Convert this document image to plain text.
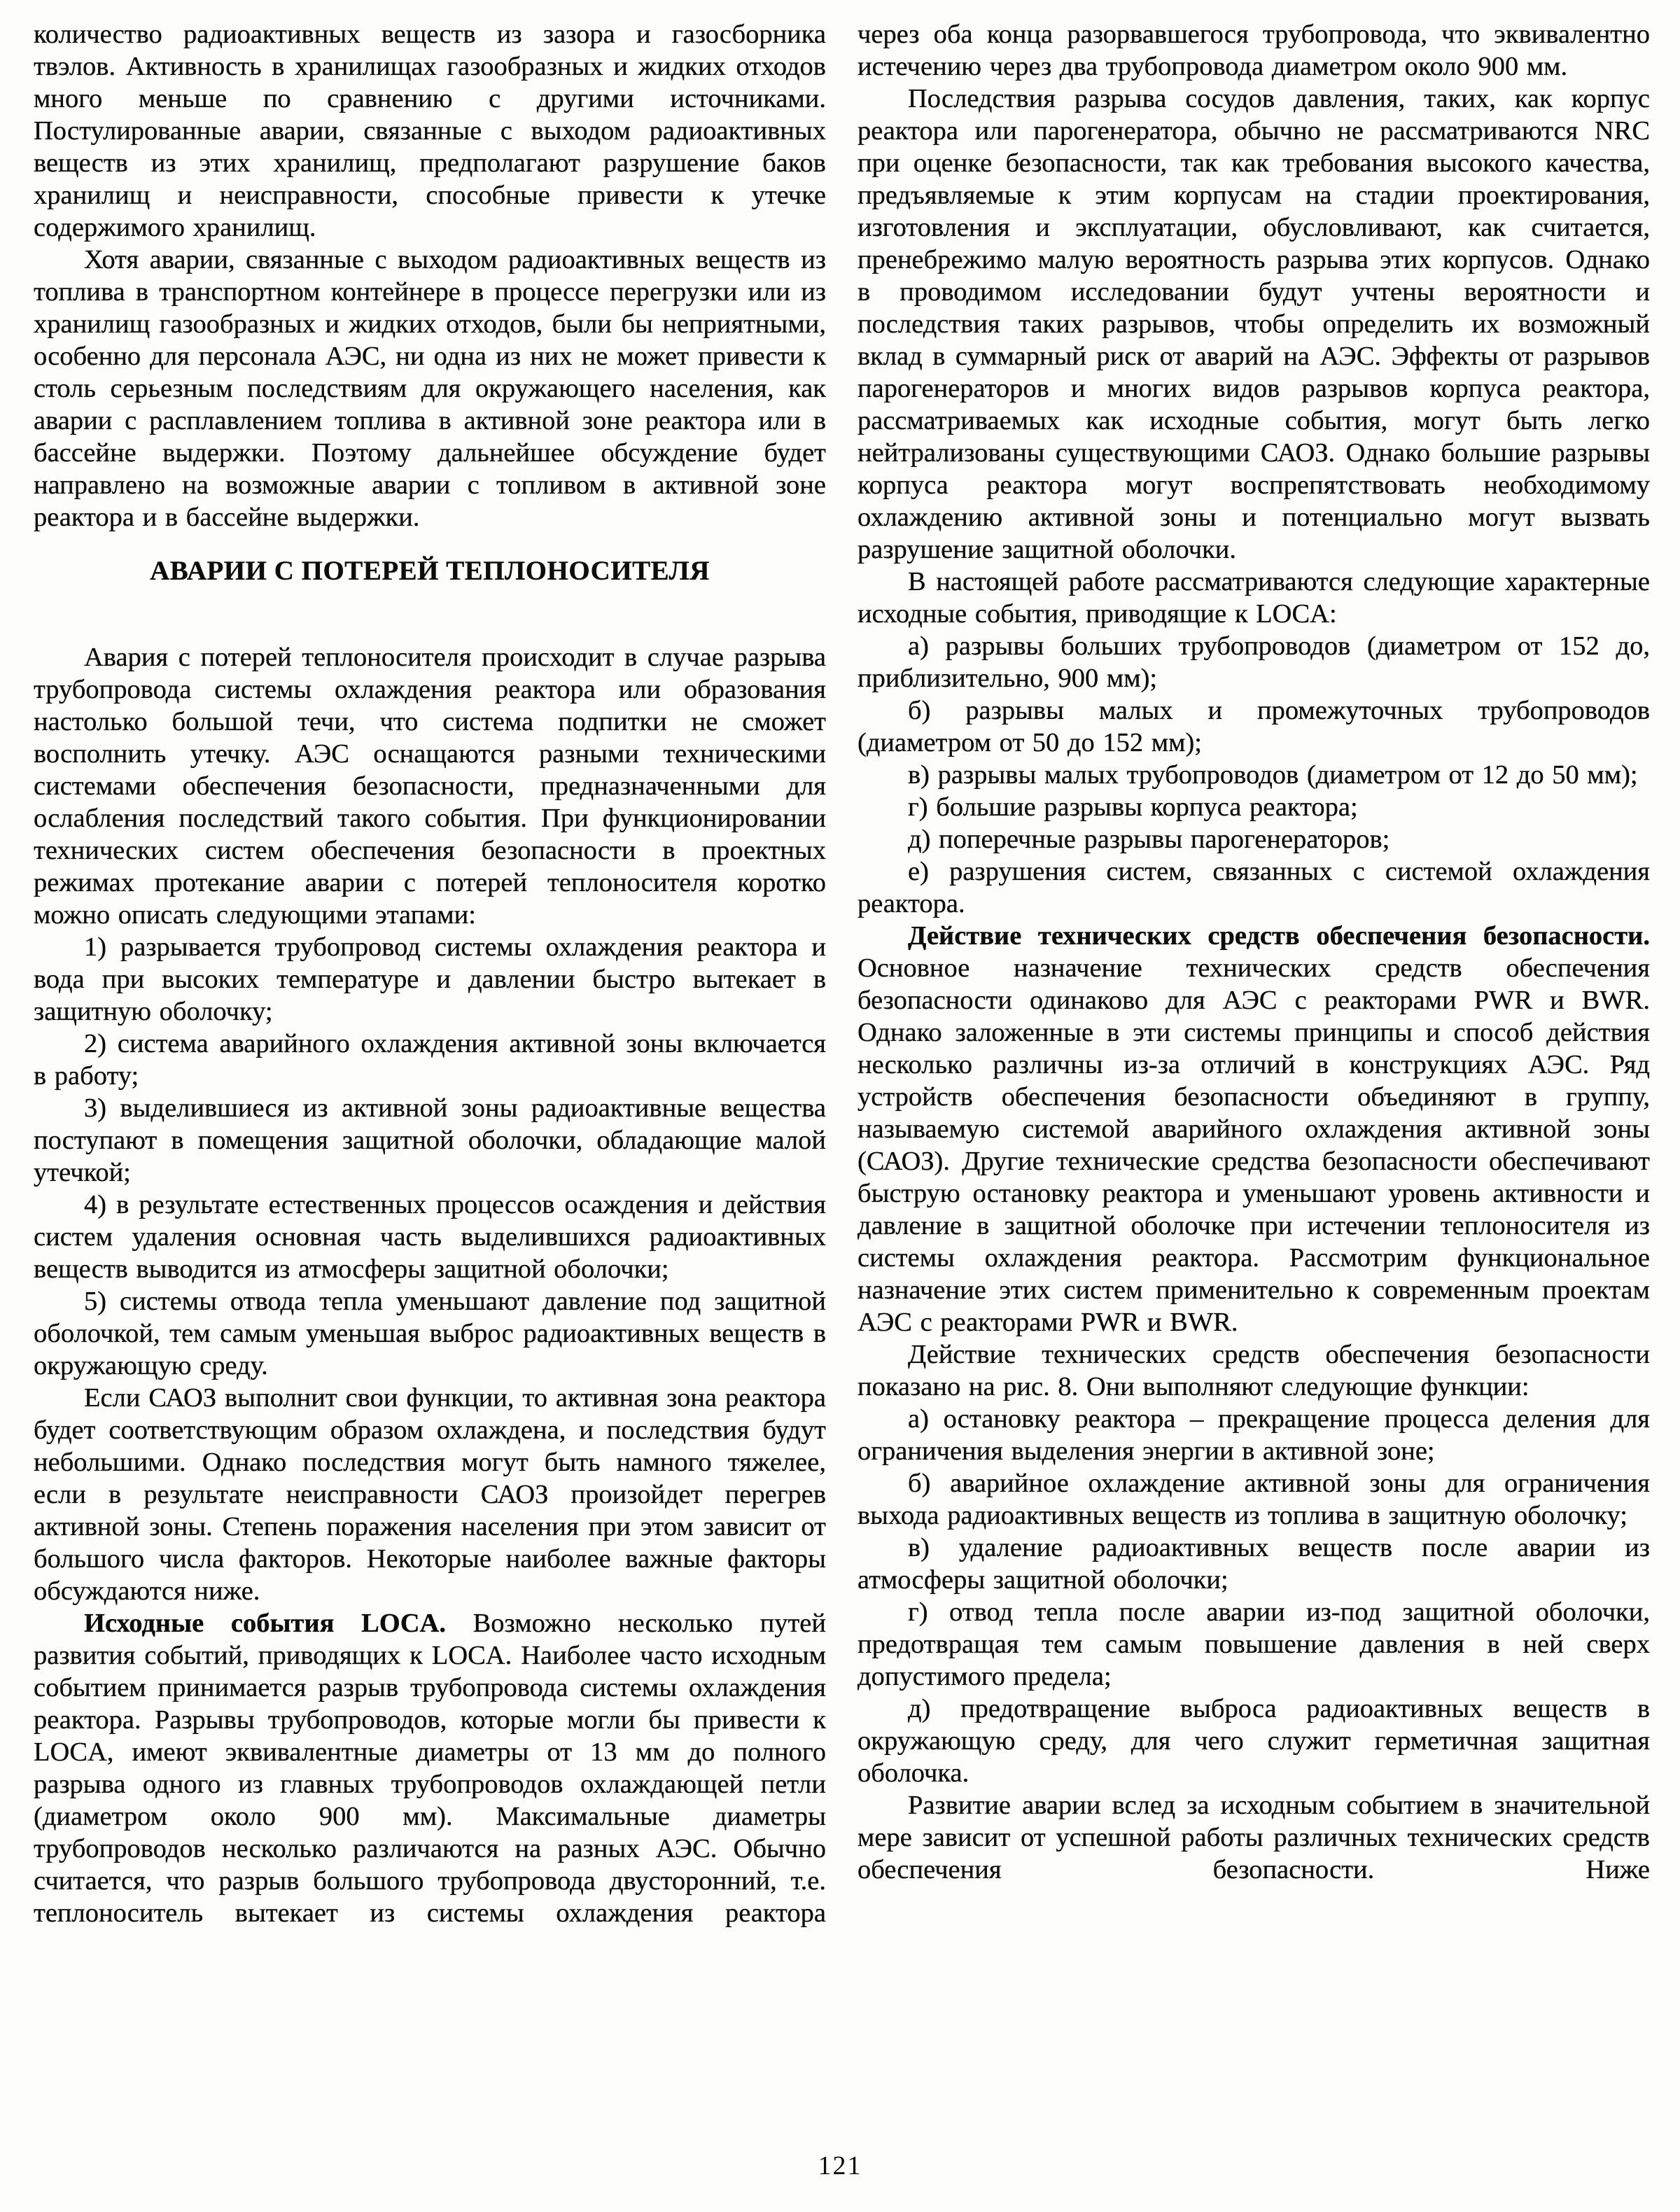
количество радиоактивных веществ из зазора и газосборника твэлов. Активность в хранилищах газообразных и жидких отходов много меньше по сравнению с другими источниками. Постулированные аварии, связанные с выходом радиоактивных веществ из этих хранилищ, предполагают разрушение баков хранилищ и неисправности, способные привести к утечке содержимого хранилищ.

Хотя аварии, связанные с выходом радиоактивных веществ из топлива в транспортном контейнере в процессе перегрузки или из хранилищ газообразных и жидких отходов, были бы неприятными, особенно для персонала АЭС, ни одна из них не может привести к столь серьезным последствиям для окружающего населения, как аварии с расплавлением топлива в активной зоне реактора или в бассейне выдержки. Поэтому дальнейшее обсуждение будет направлено на возможные аварии с топливом в активной зоне реактора и в бассейне выдержки.

АВАРИИ С ПОТЕРЕЙ ТЕПЛОНОСИТЕЛЯ

Авария с потерей теплоносителя происходит в случае разрыва трубопровода системы охлаждения реактора или образования настолько большой течи, что система подпитки не сможет восполнить утечку. АЭС оснащаются разными техническими системами обеспечения безопасности, предназначенными для ослабления последствий такого события. При функционировании технических систем обеспечения безопасности в проектных режимах протекание аварии с потерей теплоносителя коротко можно описать следующими этапами:

1) разрывается трубопровод системы охлаждения реактора и вода при высоких температуре и давлении быстро вытекает в защитную оболочку;

2) система аварийного охлаждения активной зоны включается в работу;

3) выделившиеся из активной зоны радиоактивные вещества поступают в помещения защитной оболочки, обладающие малой утечкой;

4) в результате естественных процессов осаждения и действия систем удаления основная часть выделившихся радиоактивных веществ выводится из атмосферы защитной оболочки;

5) системы отвода тепла уменьшают давление под защитной оболочкой, тем самым уменьшая выброс радиоактивных веществ в окружающую среду.

Если САОЗ выполнит свои функции, то активная зона реактора будет соответствующим образом охлаждена, и последствия будут небольшими. Однако последствия могут быть намного тяжелее, если в результате неисправности САОЗ произойдет перегрев активной зоны. Степень поражения населения при этом зависит от большого числа факторов. Некоторые наиболее важные факторы обсуждаются ниже.

Исходные события LOCA. Возможно несколько путей развития событий, приводящих к LOCA. Наиболее часто исходным событием принимается разрыв трубопровода системы охлаждения реактора. Разрывы трубопроводов, которые могли бы привести к LOCA, имеют эквивалентные диаметры от 13 мм до полного разрыва одного из главных трубопроводов охлаждающей петли (диаметром около 900 мм). Максимальные диаметры трубопроводов несколько различаются на разных АЭС. Обычно считается, что разрыв большого трубопровода двусторонний, т.е. теплоноситель вытекает из системы охлаждения реактора

через оба конца разорвавшегося трубопровода, что эквивалентно истечению через два трубопровода диаметром около 900 мм.

Последствия разрыва сосудов давления, таких, как корпус реактора или парогенератора, обычно не рассматриваются NRC при оценке безопасности, так как требования высокого качества, предъявляемые к этим корпусам на стадии проектирования, изготовления и эксплуатации, обусловливают, как считается, пренебрежимо малую вероятность разрыва этих корпусов. Однако в проводимом исследовании будут учтены вероятности и последствия таких разрывов, чтобы определить их возможный вклад в суммарный риск от аварий на АЭС. Эффекты от разрывов парогенераторов и многих видов разрывов корпуса реактора, рассматриваемых как исходные события, могут быть легко нейтрализованы существующими САОЗ. Однако большие разрывы корпуса реактора могут воспрепятствовать необходимому охлаждению активной зоны и потенциально могут вызвать разрушение защитной оболочки.

В настоящей работе рассматриваются следующие характерные исходные события, приводящие к LOCA:

а) разрывы больших трубопроводов (диаметром от 152 до, приблизительно, 900 мм);

б) разрывы малых и промежуточных трубопроводов (диаметром от 50 до 152 мм);

в) разрывы малых трубопроводов (диаметром от 12 до 50 мм);

г) большие разрывы корпуса реактора;

д) поперечные разрывы парогенераторов;

е) разрушения систем, связанных с системой охлаждения реактора.

Действие технических средств обеспечения безопасности. Основное назначение технических средств обеспечения безопасности одинаково для АЭС с реакторами PWR и BWR. Однако заложенные в эти системы принципы и способ действия несколько различны из-за отличий в конструкциях АЭС. Ряд устройств обеспечения безопасности объединяют в группу, называемую системой аварийного охлаждения активной зоны (САОЗ). Другие технические средства безопасности обеспечивают быструю остановку реактора и уменьшают уровень активности и давление в защитной оболочке при истечении теплоносителя из системы охлаждения реактора. Рассмотрим функциональное назначение этих систем применительно к современным проектам АЭС с реакторами PWR и BWR.

Действие технических средств обеспечения безопасности показано на рис. 8. Они выполняют следующие функции:

а) остановку реактора – прекращение процесса деления для ограничения выделения энергии в активной зоне;

б) аварийное охлаждение активной зоны для ограничения выхода радиоактивных веществ из топлива в защитную оболочку;

в) удаление радиоактивных веществ после аварии из атмосферы защитной оболочки;

г) отвод тепла после аварии из-под защитной оболочки, предотвращая тем самым повышение давления в ней сверх допустимого предела;

д) предотвращение выброса радиоактивных веществ в окружающую среду, для чего служит герметичная защитная оболочка.

Развитие аварии вслед за исходным событием в значительной мере зависит от успешной работы различных технических средств обеспечения безопасности. Ниже

121
